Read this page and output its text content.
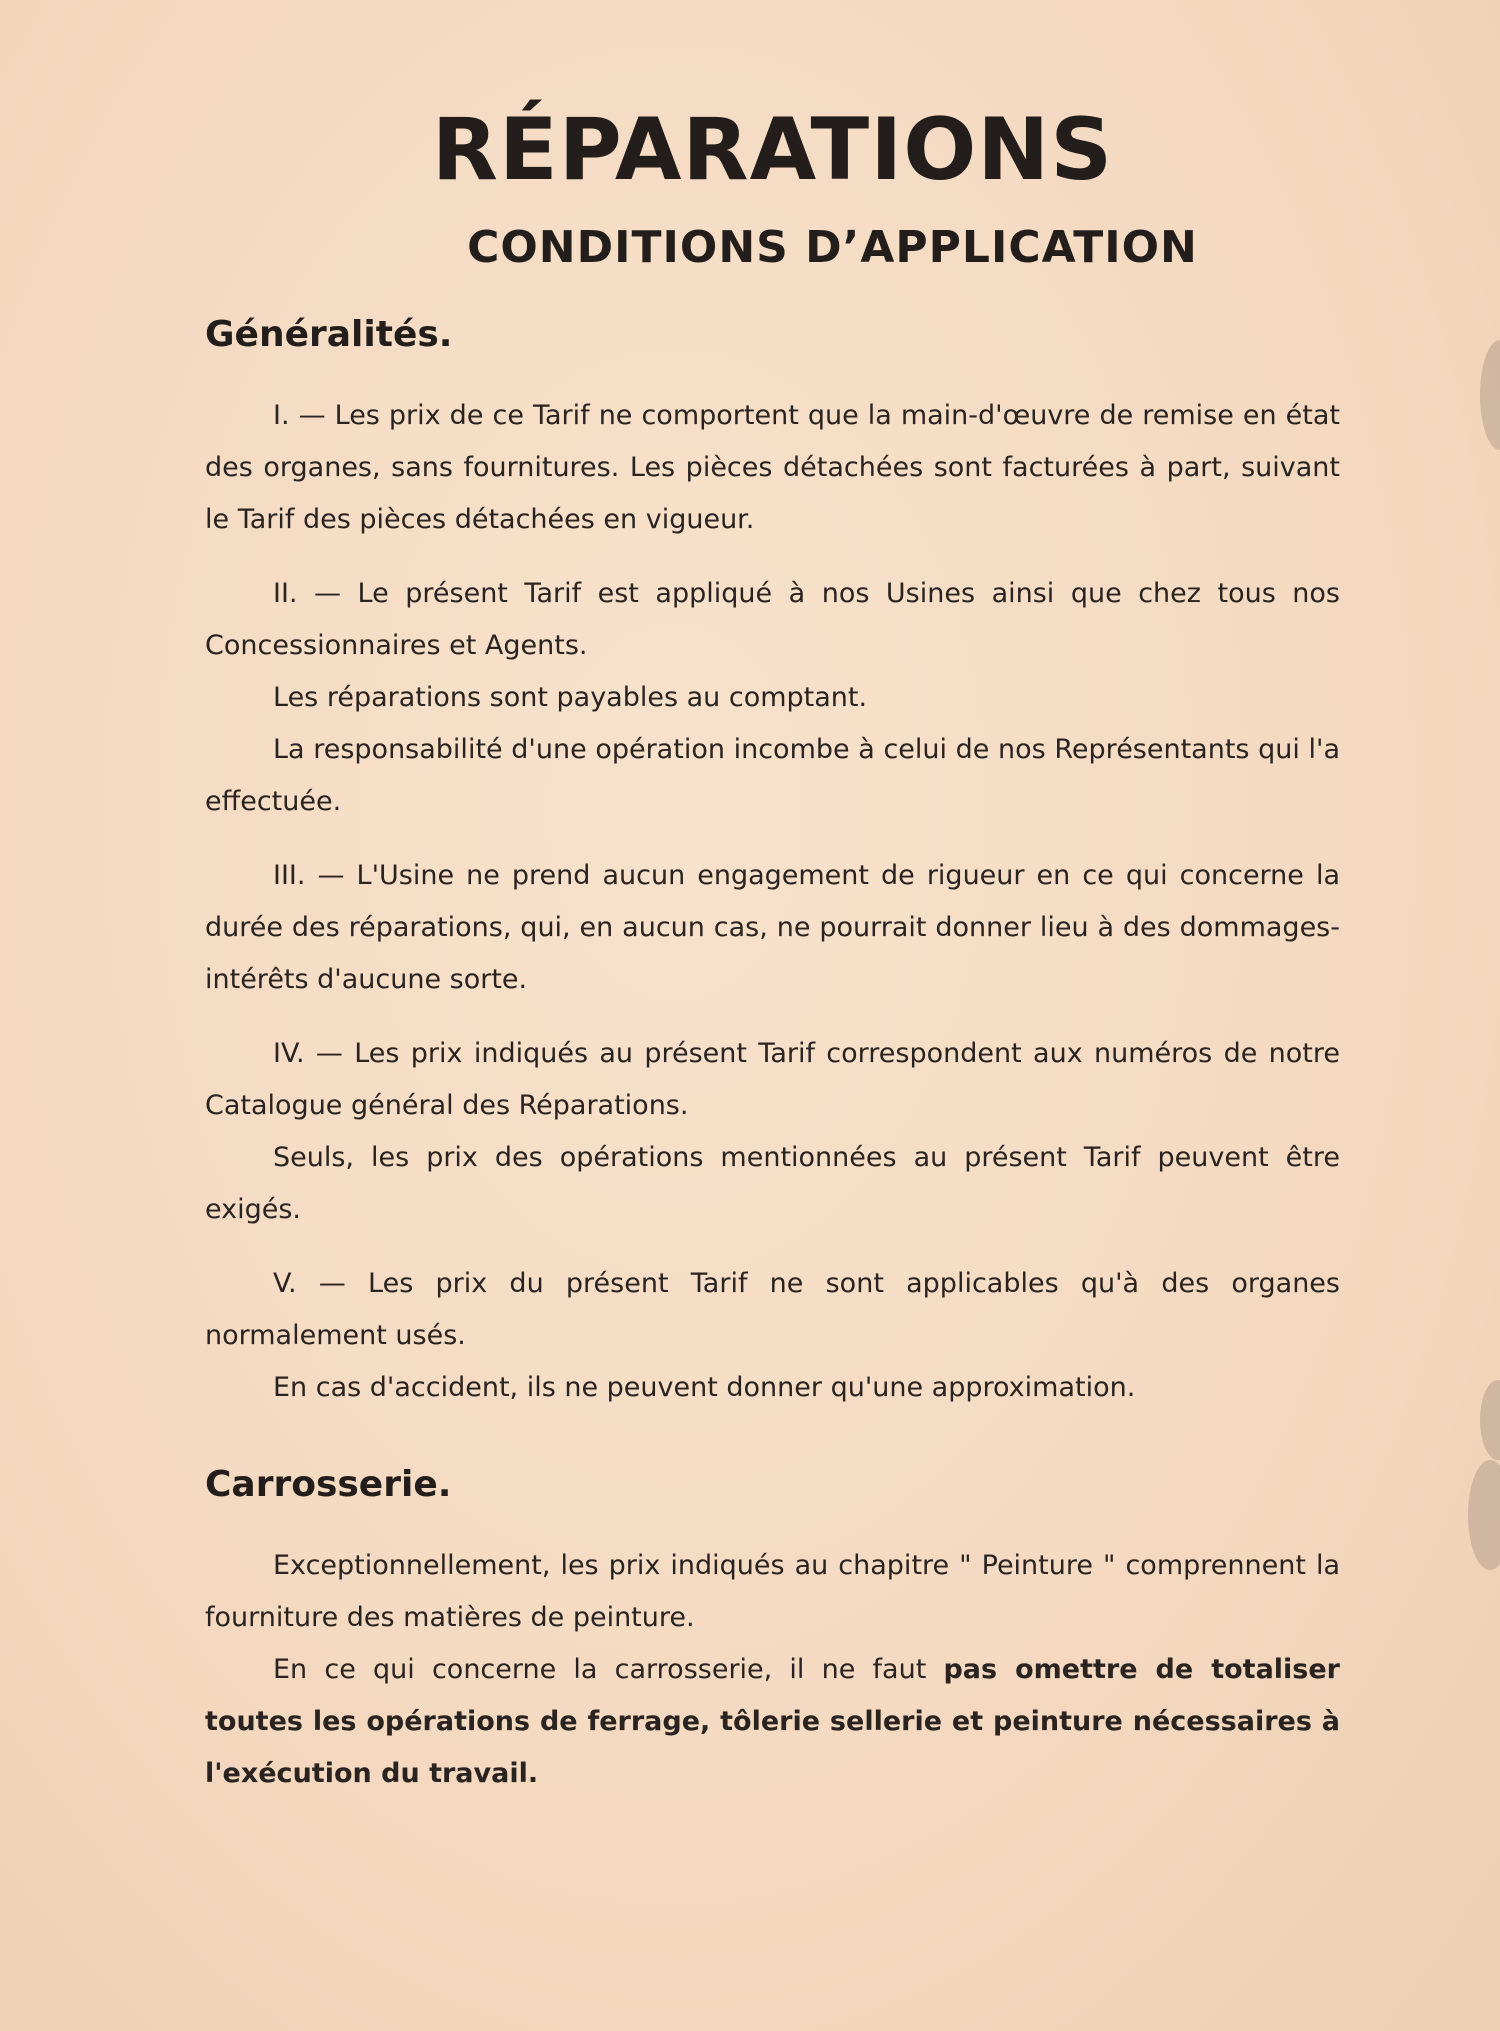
RÉPARATIONS
CONDITIONS D’APPLICATION
Généralités.

I. — Les prix de ce Tarif ne comportent que la main-d'œuvre de remise en état des organes, sans fournitures. Les pièces détachées sont facturées à part, suivant le Tarif des pièces détachées en vigueur.

II. — Le présent Tarif est appliqué à nos Usines ainsi que chez tous nos Concessionnaires et Agents.

Les réparations sont payables au comptant.

La responsabilité d'une opération incombe à celui de nos Représentants qui l'a effectuée.

III. — L'Usine ne prend aucun engagement de rigueur en ce qui concerne la durée des réparations, qui, en aucun cas, ne pourrait donner lieu à des dommages-intérêts d'aucune sorte.

IV. — Les prix indiqués au présent Tarif correspondent aux numéros de notre Catalogue général des Réparations.

Seuls, les prix des opérations mentionnées au présent Tarif peuvent être exigés.

V. — Les prix du présent Tarif ne sont applicables qu'à des organes normalement usés.

En cas d'accident, ils ne peuvent donner qu'une approximation.

Carrosserie.

Exceptionnellement, les prix indiqués au chapitre " Peinture " comprennent la fourniture des matières de peinture.

En ce qui concerne la carrosserie, il ne faut pas omettre de totaliser toutes les opérations de ferrage, tôlerie sellerie et peinture nécessaires à l'exécution du travail.
